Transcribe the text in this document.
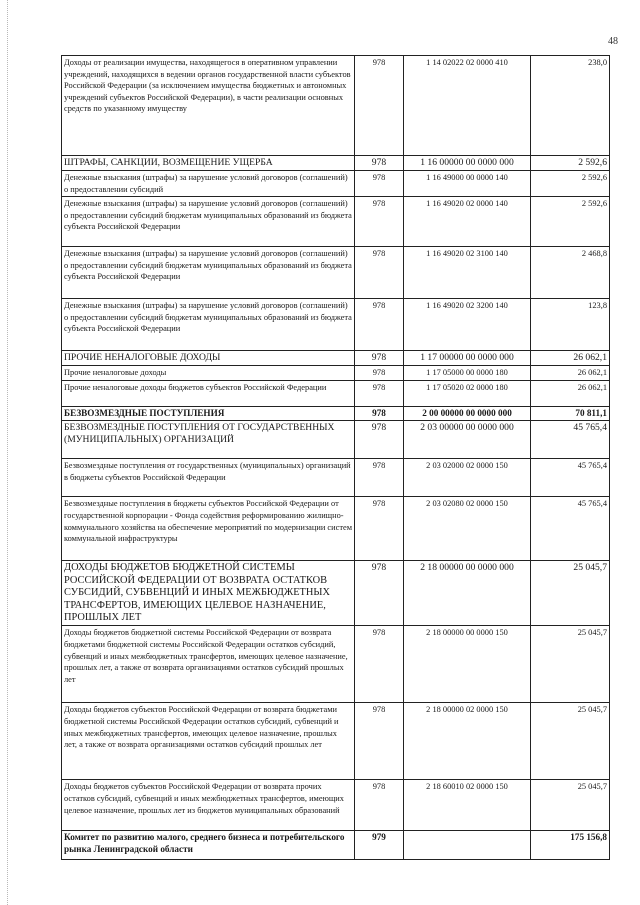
48
Доходы от реализации имущества, находящегося в оперативном управлении учреждений, находящихся в ведении органов государственной власти субъектов Российской Федерации (за исключением имущества бюджетных и автономных учреждений субъектов Российской Федерации), в части реализации основных средств по указанному имуществу	978	1 14 02022 02 0000 410	238,0
ШТРАФЫ, САНКЦИИ, ВОЗМЕЩЕНИЕ УЩЕРБА	978	1 16 00000 00 0000 000	2 592,6
Денежные взыскания (штрафы) за нарушение условий договоров (соглашений) о предоставлении субсидий	978	1 16 49000 00 0000 140	2 592,6
Денежные взыскания (штрафы) за нарушение условий договоров (соглашений) о предоставлении субсидий бюджетам муниципальных образований из бюджета субъекта Российской Федерации	978	1 16 49020 02 0000 140	2 592,6
Денежные взыскания (штрафы) за нарушение условий договоров (соглашений) о предоставлении субсидий бюджетам муниципальных образований из бюджета субъекта Российской Федерации	978	1 16 49020 02 3100 140	2 468,8
Денежные взыскания (штрафы) за нарушение условий договоров (соглашений) о предоставлении субсидий бюджетам муниципальных образований из бюджета субъекта Российской Федерации	978	1 16 49020 02 3200 140	123,8
ПРОЧИЕ НЕНАЛОГОВЫЕ ДОХОДЫ	978	1 17 00000 00 0000 000	26 062,1
Прочие неналоговые доходы	978	1 17 05000 00 0000 180	26 062,1
Прочие неналоговые доходы бюджетов субъектов Российской Федерации	978	1 17 05020 02 0000 180	26 062,1
БЕЗВОЗМЕЗДНЫЕ ПОСТУПЛЕНИЯ	978	2 00 00000 00 0000 000	70 811,1
БЕЗВОЗМЕЗДНЫЕ ПОСТУПЛЕНИЯ ОТ ГОСУДАРСТВЕННЫХ (МУНИЦИПАЛЬНЫХ) ОРГАНИЗАЦИЙ	978	2 03 00000 00 0000 000	45 765,4
Безвозмездные поступления от государственных (муниципальных) организаций в бюджеты субъектов Российской Федерации	978	2 03 02000 02 0000 150	45 765,4
Безвозмездные поступления в бюджеты субъектов Российской Федерации от государственной корпорации - Фонда содействия реформированию жилищно-коммунального хозяйства на обеспечение мероприятий по модернизации систем коммунальной инфраструктуры	978	2 03 02080 02 0000 150	45 765,4
ДОХОДЫ БЮДЖЕТОВ БЮДЖЕТНОЙ СИСТЕМЫ РОССИЙСКОЙ ФЕДЕРАЦИИ ОТ ВОЗВРАТА ОСТАТКОВ СУБСИДИЙ, СУБВЕНЦИЙ И ИНЫХ МЕЖБЮДЖЕТНЫХ ТРАНСФЕРТОВ, ИМЕЮЩИХ ЦЕЛЕВОЕ НАЗНАЧЕНИЕ, ПРОШЛЫХ ЛЕТ	978	2 18 00000 00 0000 000	25 045,7
Доходы бюджетов бюджетной системы Российской Федерации от возврата бюджетами бюджетной системы Российской Федерации остатков субсидий, субвенций и иных межбюджетных трансфертов, имеющих целевое назначение, прошлых лет, а также от возврата организациями остатков субсидий прошлых лет	978	2 18 00000 00 0000 150	25 045,7
Доходы бюджетов субъектов Российской Федерации от возврата бюджетами бюджетной системы Российской Федерации остатков субсидий, субвенций и иных межбюджетных трансфертов, имеющих целевое назначение, прошлых лет, а также от возврата организациями остатков субсидий прошлых лет	978	2 18 00000 02 0000 150	25 045,7
Доходы бюджетов субъектов Российской Федерации от возврата прочих остатков субсидий, субвенций и иных межбюджетных трансфертов, имеющих целевое назначение, прошлых лет из бюджетов муниципальных образований	978	2 18 60010 02 0000 150	25 045,7
Комитет по развитию малого, среднего бизнеса и потребительского рынка Ленинградской области	979		175 156,8
